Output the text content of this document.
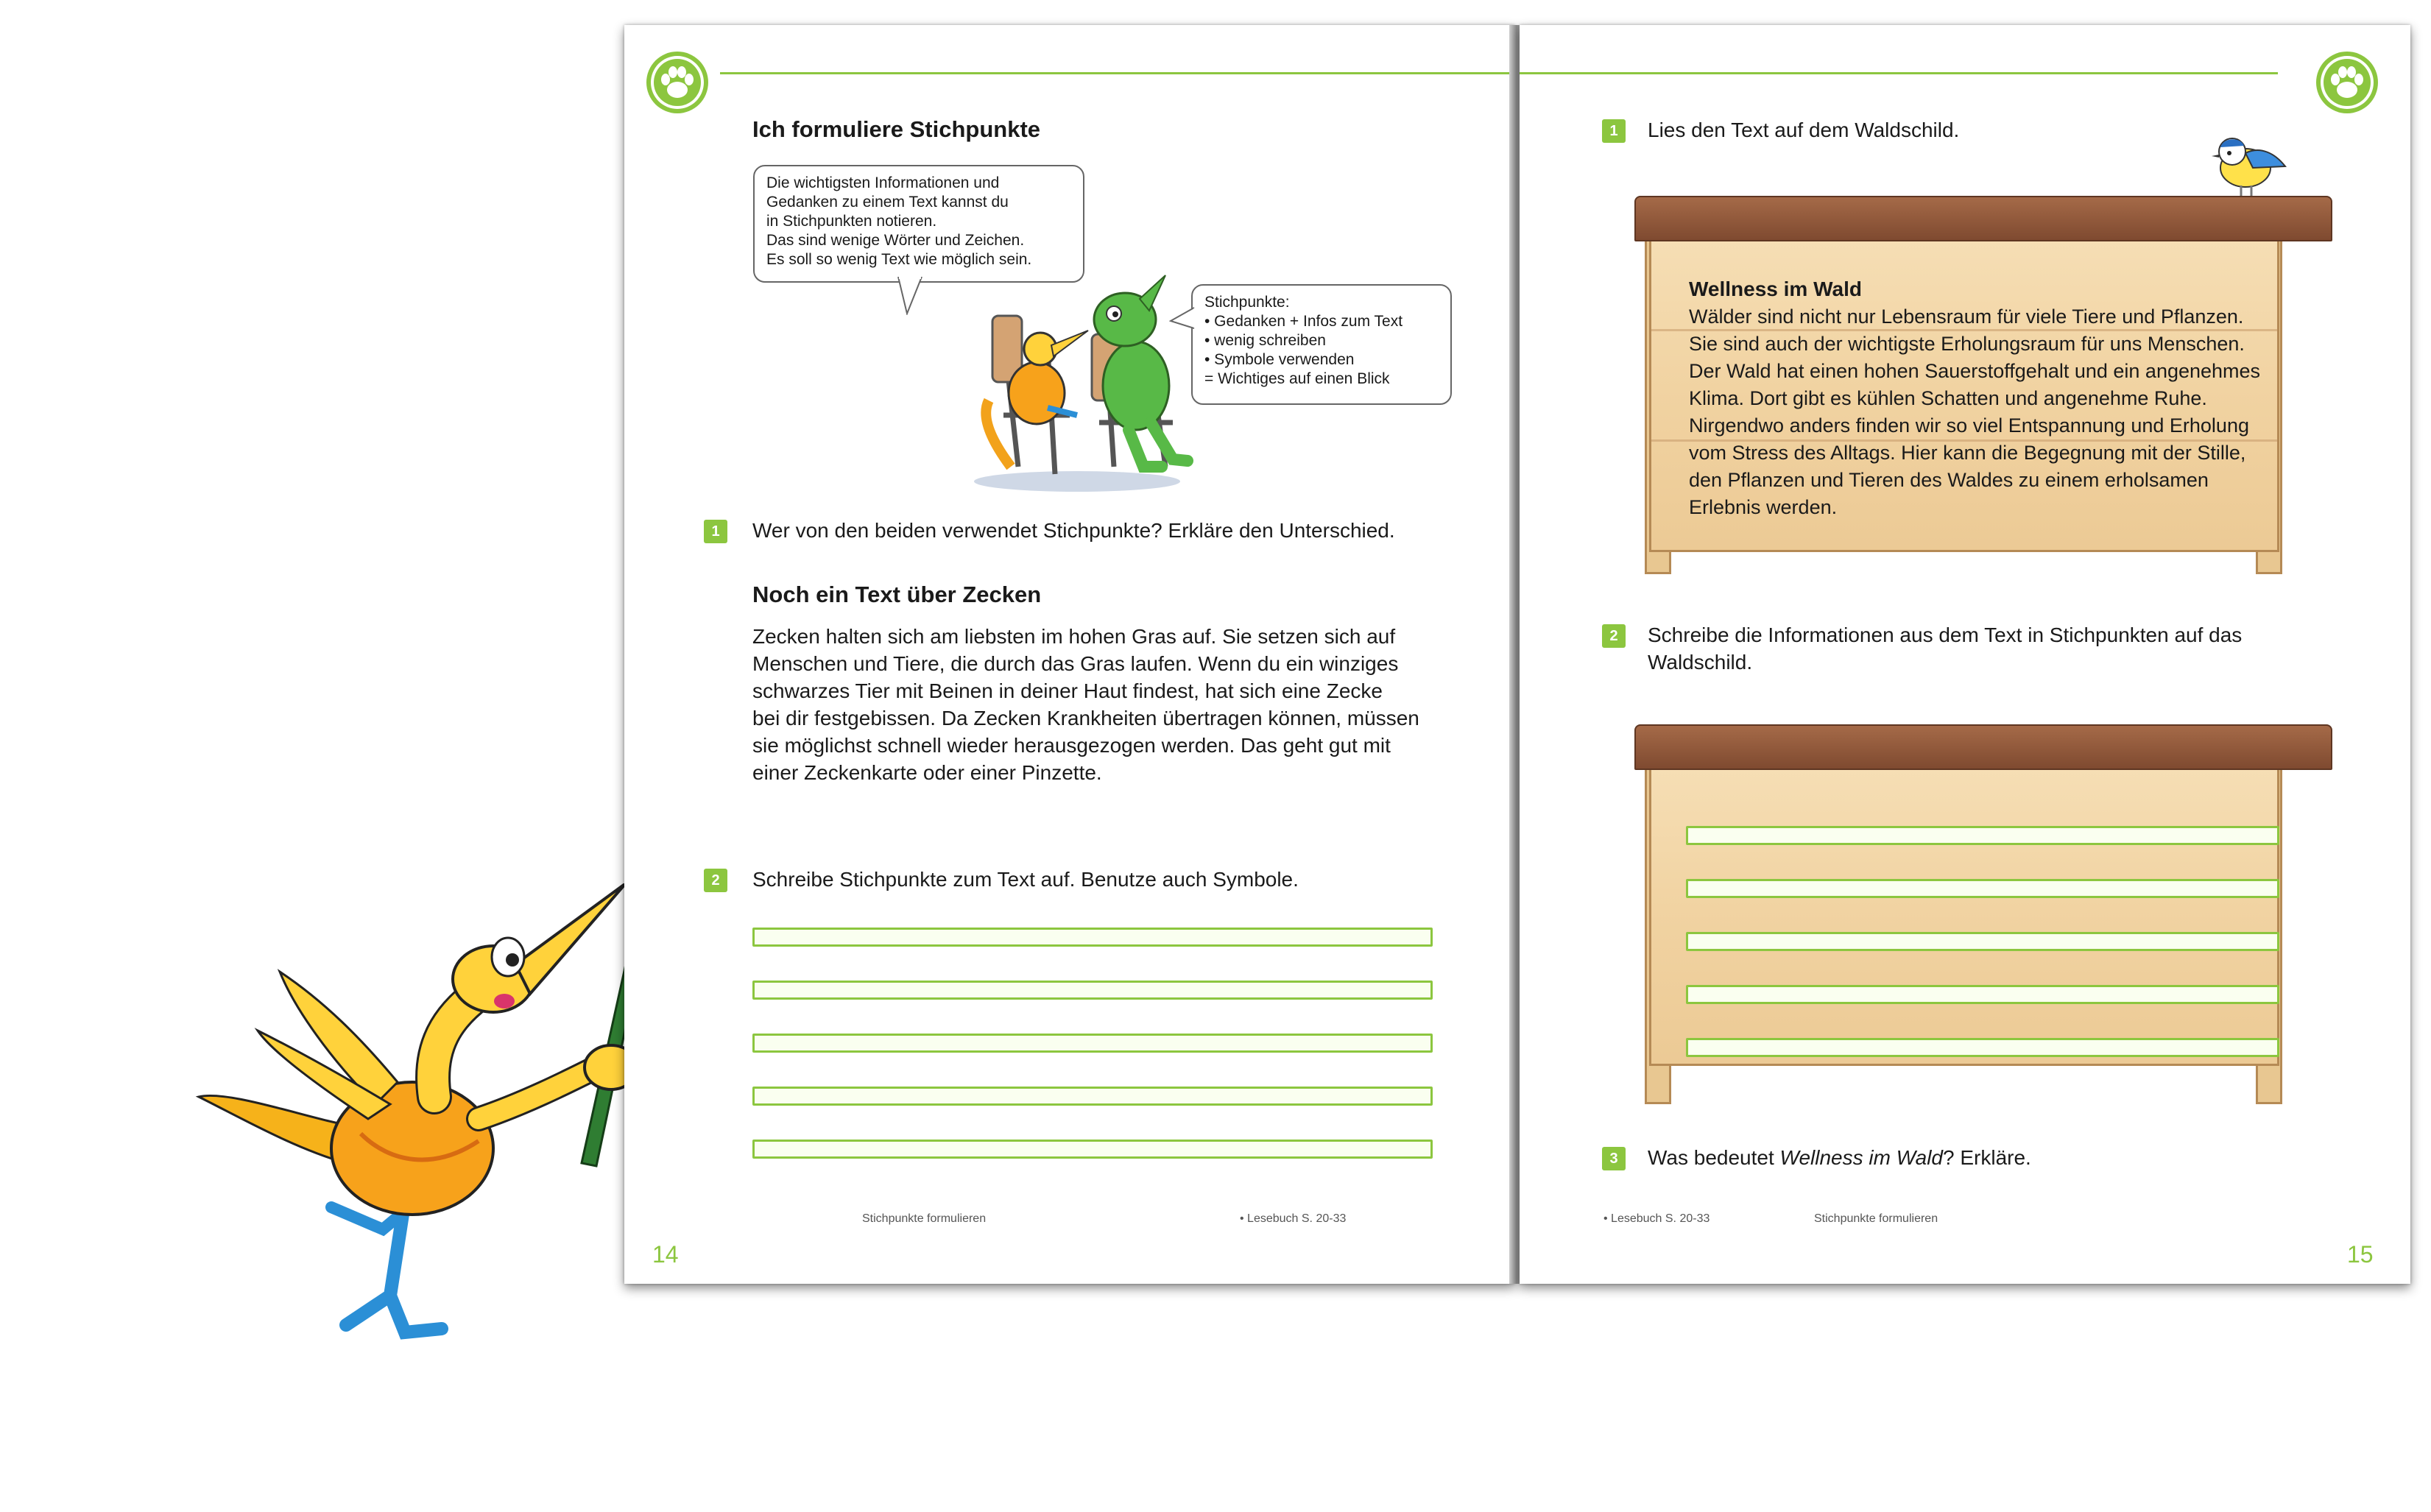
Ich formuliere Stichpunkte
Die wichtigsten Informationen und
Gedanken zu einem Text kannst du
in Stichpunkten notieren.
Das sind wenige Wörter und Zeichen.
Es soll so wenig Text wie möglich sein.
Stichpunkte:
• Gedanken + Infos zum Text
• wenig schreiben
• Symbole verwenden
= Wichtiges auf einen Blick
1	Wer von den beiden verwendet Stichpunkte? Erkläre den Unterschied.
Noch ein Text über Zecken
Zecken halten sich am liebsten im hohen Gras auf. Sie setzen sich auf
Menschen und Tiere, die durch das Gras laufen. Wenn du ein winziges
schwarzes Tier mit Beinen in deiner Haut findest, hat sich eine Zecke
bei dir festgebissen. Da Zecken Krankheiten übertragen können, müssen
sie möglichst schnell wieder herausgezogen werden. Das geht gut mit
einer Zeckenkarte oder einer Pinzette.
2	Schreibe Stichpunkte zum Text auf. Benutze auch Symbole.
Stichpunkte formulieren	• Lesebuch S. 20-33
14
1	Lies den Text auf dem Waldschild.
Wellness im Wald
Wälder sind nicht nur Lebensraum für viele Tiere und Pflanzen.
Sie sind auch der wichtigste Erholungsraum für uns Menschen.
Der Wald hat einen hohen Sauerstoffgehalt und ein angenehmes
Klima. Dort gibt es kühlen Schatten und angenehme Ruhe.
Nirgendwo anders finden wir so viel Entspannung und Erholung
vom Stress des Alltags. Hier kann die Begegnung mit der Stille,
den Pflanzen und Tieren des Waldes zu einem erholsamen
Erlebnis werden.
2	Schreibe die Informationen aus dem Text in Stichpunkten auf das
Waldschild.
3	Was bedeutet Wellness im Wald? Erkläre.
• Lesebuch S. 20-33	Stichpunkte formulieren
15
